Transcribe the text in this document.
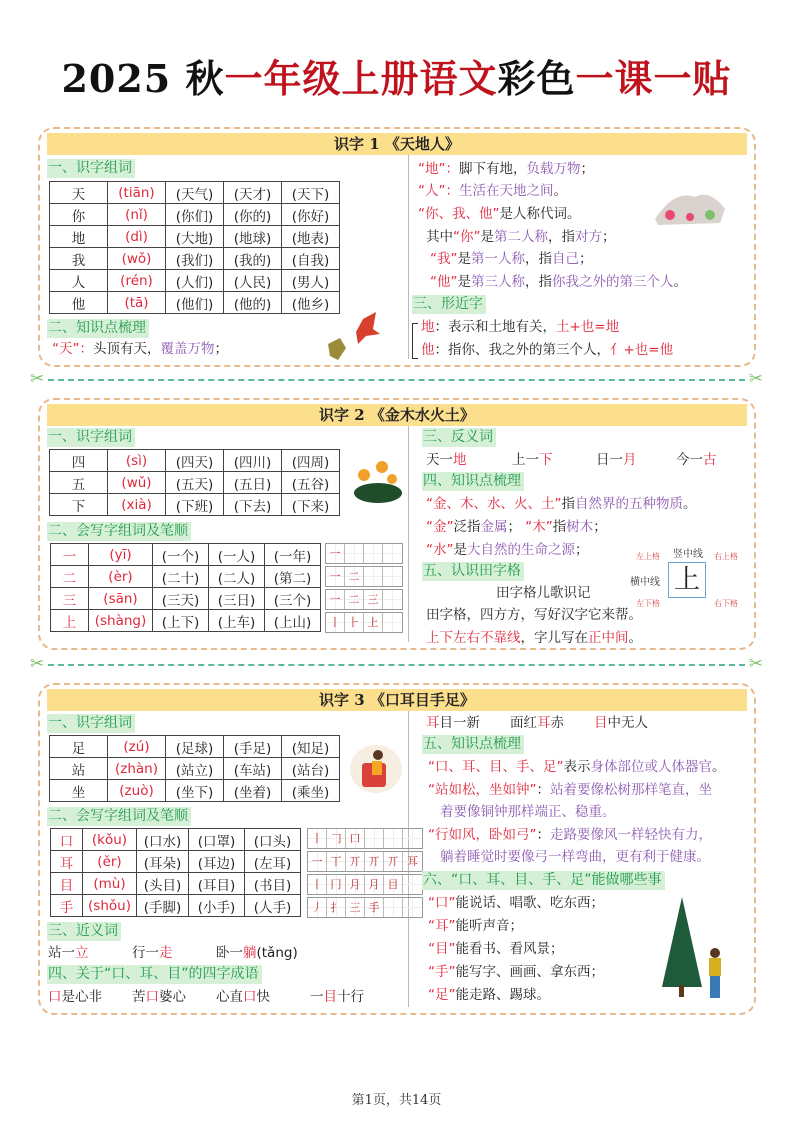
2025 秋一年级上册语文彩色一课一贴
识字 1 《天地人》
一、识字组词
天	(tiān)	(天气)	(天才)	(天下)
你	(nǐ)	(你们)	(你的)	(你好)
地	(dì)	(大地)	(地球)	(地表)
我	(wǒ)	(我们)	(我的)	(自我)
人	(rén)	(人们)	(人民)	(男人)
他	(tā)	(他们)	(他的)	(他乡)
二、知识点梳理
“天”：头顶有天，覆盖万物；
“地”：脚下有地，负载万物；
“人”：生活在天地之间。
“你、我、他”是人称代词。
其中“你”是第二人称，指对方；
“我”是第一人称，指自己；
“他”是第三人称，指你我之外的第三个人。
三、形近字
地：表示和土地有关，土+也=地
他：指你、我之外的第三个人，亻+也=他
✂	✂
识字 2 《金木水火土》
一、识字组词
四	(sì)	(四天)	(四川)	(四周)
五	(wǔ)	(五天)	(五日)	(五谷)
下	(xià)	(下班)	(下去)	(下来)
二、会写字组词及笔顺
一	(yī)	(一个)	(一人)	(一年)
二	(èr)	(二十)	(二人)	(第二)
三	(sān)	(三天)	(三日)	(三个)
上	(shàng)	(上下)	(上车)	(上山)
一
一 二
一 二 三
丨 ⺊ 上
三、反义词
天一地	上一下	日一月	今一古
四、知识点梳理
“金、木、水、火、土”指自然界的五种物质。
“金”泛指金属； “木”指树木；
“水”是大自然的生命之源；
五、认识田字格
田字格儿歌识记
田字格，四方方，写好汉字它来帮。
上下左右不靠线，字儿写在正中间。
上
竖中线
横中线
左上格	右上格
左下格	右下格
✂	✂
识字 3 《口耳目手足》
一、识字组词
足	(zú)	(足球)	(手足)	(知足)
站	(zhàn)	(站立)	(车站)	(站台)
坐	(zuò)	(坐下)	(坐着)	(乘坐)
二、会写字组词及笔顺
口	(kǒu)	(口水)	(口罩)	(口头)
耳	(ěr)	(耳朵)	(耳边)	(左耳)
目	(mù)	(头目)	(耳目)	(书目)
手	(shǒu)	(手脚)	(小手)	(人手)
丨 𠃌 口
一 丅 丌 丌 丌 耳
丨 冂 月 月 目
丿 ⺘ 三 手
三、近义词
站一立	行一走	卧一躺(tǎng)
四、关于“口、耳、目”的四字成语
口是心非 苦口婆心 心直口快	一目十行
耳目一新 面红耳赤 目中无人
五、知识点梳理
“口、耳、目、手、足”表示身体部位或人体器官。
“站如松，坐如钟”：站着要像松树那样笔直，坐
着要像铜钟那样端正、稳重。
“行如风，卧如弓”：走路要像风一样轻快有力，
躺着睡觉时要像弓一样弯曲，更有利于健康。
六、“口、耳、目、手、足”能做哪些事
“口”能说话、唱歌、吃东西；
“耳”能听声音；
“目”能看书、看风景；
“手”能写字、画画、拿东西；
“足”能走路、踢球。
第1页，共14页
